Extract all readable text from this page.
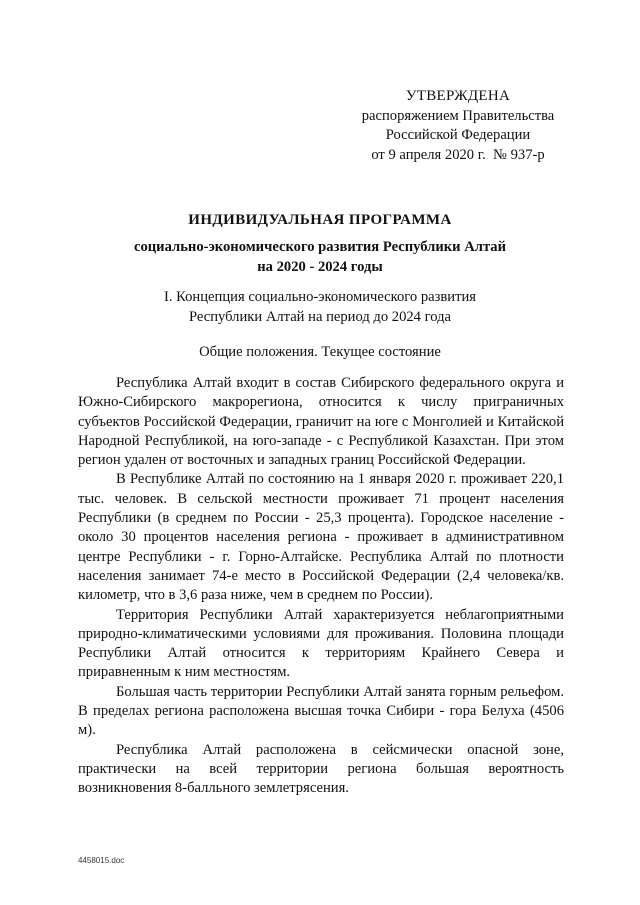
УТВЕРЖДЕНА
распоряжением Правительства
Российской Федерации
от 9 апреля 2020 г.  № 937-р
ИНДИВИДУАЛЬНАЯ ПРОГРАММА
социально-экономического развития Республики Алтай
на 2020 - 2024 годы
I. Концепция социально-экономического развития
Республики Алтай на период до 2024 года
Общие положения. Текущее состояние

Республика Алтай входит в состав Сибирского федерального округа и Южно-Сибирского макрорегиона, относится к числу приграничных субъектов Российской Федерации, граничит на юге с Монголией и Китайской Народной Республикой, на юго-западе - с Республикой Казахстан. При этом регион удален от восточных и западных границ Российской Федерации.

В Республике Алтай по состоянию на 1 января 2020 г. проживает 220,1 тыс. человек. В сельской местности проживает 71 процент населения Республики (в среднем по России - 25,3 процента). Городское население - около 30 процентов населения региона - проживает в административном центре Республики - г. Горно-Алтайске. Республика Алтай по плотности населения занимает 74-е место в Российской Федерации (2,4 человека/кв. километр, что в 3,6 раза ниже, чем в среднем по России).

Территория Республики Алтай характеризуется неблагоприятными природно-климатическими условиями для проживания. Половина площади Республики Алтай относится к территориям Крайнего Севера и приравненным к ним местностям.

Большая часть территории Республики Алтай занята горным рельефом. В пределах региона расположена высшая точка Сибири - гора Белуха (4506 м).

Республика Алтай расположена в сейсмически опасной зоне, практически на всей территории региона большая вероятность возникновения 8-балльного землетрясения.

4458015.doc
